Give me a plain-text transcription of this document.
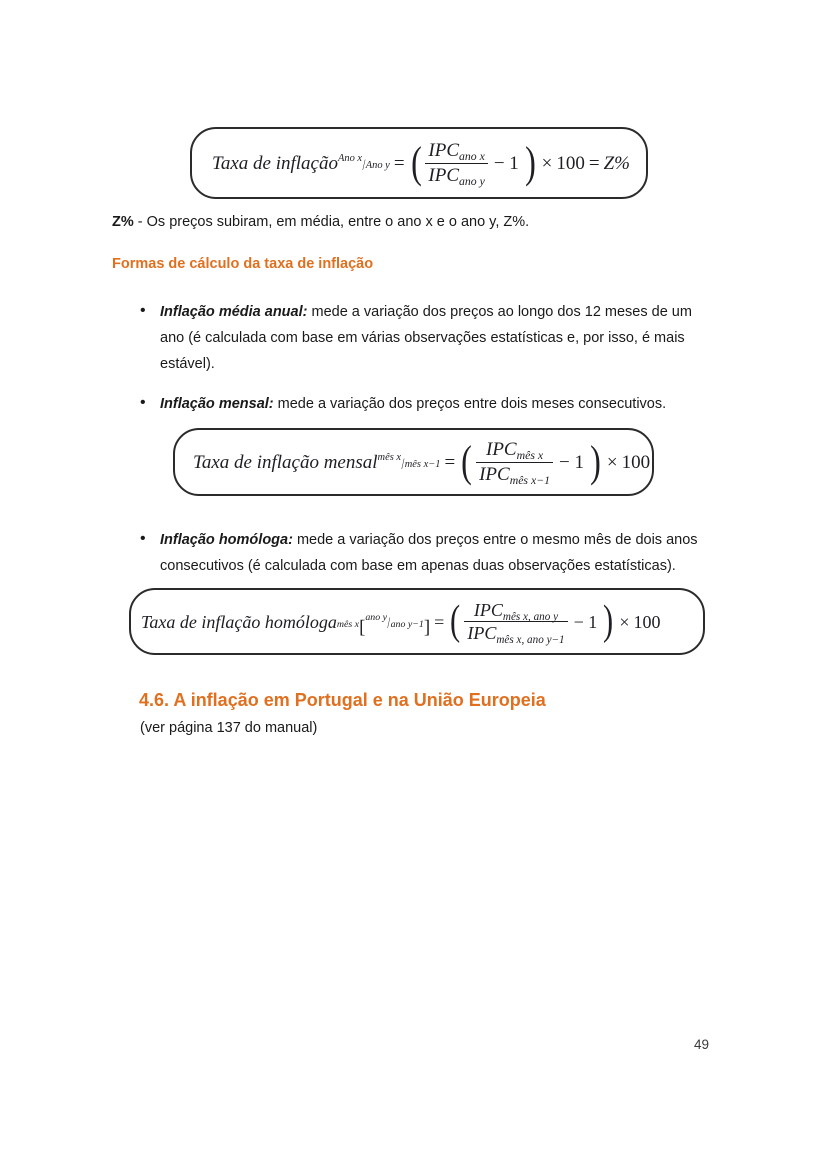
Taxa de inflação Ano x / Ano y = ( $\frac{\text{IPCano x}}{\text{IPCano y}} - 1$ ) × 100 = Z%
Z% - Os preços subiram, em média, entre o ano x e o ano y, Z%.
Formas de cálculo da taxa de inflação
• Inflação média anual: mede a variação dos preços ao longo dos 12 meses de um ano (é calculada com base em várias observações estatísticas e, por isso, é mais estável).
• Inflação mensal: mede a variação dos preços entre dois meses consecutivos.
Taxa de inflação mensal mês x / mês x−1 = ( $\frac{\text{IPCmês x}}{\text{IPCmês x−1}} - 1$ ) × 100
• Inflação homóloga: mede a variação dos preços entre o mesmo mês de dois anos consecutivos (é calculada com base em apenas duas observações estatísticas).
Taxa de inflação homóloga mês x [ ano y / ano y−1 ] = ( $\frac{\text{IPCmês x, ano y}}{\text{IPCmês x, ano y−1}} - 1$ ) × 100
4.6. A inflação em Portugal e na União Europeia
(ver página 137 do manual)
49
